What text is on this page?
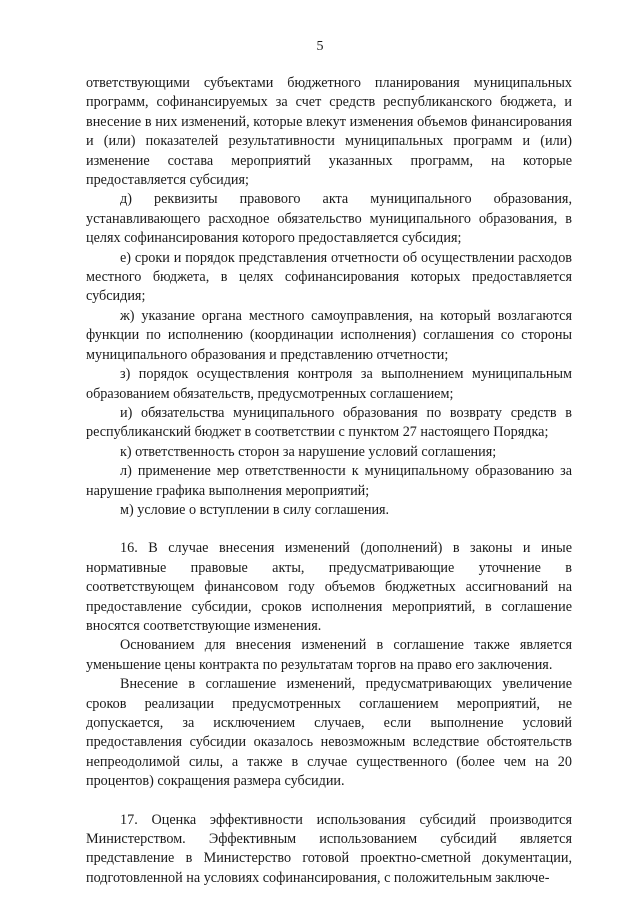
5

ответствующими субъектами бюджетного планирования муниципальных программ, софинансируемых за счет средств республиканского бюджета, и внесение в них изменений, которые влекут изменения объемов финансирования и (или) показателей результативности муниципальных программ и (или) изменение состава мероприятий указанных программ, на которые предоставляется субсидия;

д) реквизиты правового акта муниципального образования, устанавливающего расходное обязательство муниципального образования, в целях софинансирования которого предоставляется субсидия;

е) сроки и порядок представления отчетности об осуществлении расходов местного бюджета, в целях софинансирования которых предоставляется субсидия;

ж) указание органа местного самоуправления, на который возлагаются функции по исполнению (координации исполнения) соглашения со стороны муниципального образования и представлению отчетности;

з) порядок осуществления контроля за выполнением муниципальным образованием обязательств, предусмотренных соглашением;

и) обязательства муниципального образования по возврату средств в республиканский бюджет в соответствии с пунктом 27 настоящего Порядка;

к) ответственность сторон за нарушение условий соглашения;

л) применение мер ответственности к муниципальному образованию за нарушение графика выполнения мероприятий;

м) условие о вступлении в силу соглашения.

16. В случае внесения изменений (дополнений) в законы и иные нормативные правовые акты, предусматривающие уточнение в соответствующем финансовом году объемов бюджетных ассигнований на предоставление субсидии, сроков исполнения мероприятий, в соглашение вносятся соответствующие изменения.

Основанием для внесения изменений в соглашение также является уменьшение цены контракта по результатам торгов на право его заключения.

Внесение в соглашение изменений, предусматривающих увеличение сроков реализации предусмотренных соглашением мероприятий, не допускается, за исключением случаев, если выполнение условий предоставления субсидии оказалось невозможным вследствие обстоятельств непреодолимой силы, а также в случае существенного (более чем на 20 процентов) сокращения размера субсидии.

17. Оценка эффективности использования субсидий производится Министерством. Эффективным использованием субсидий является представление в Министерство готовой проектно-сметной документации, подготовленной на условиях софинансирования, с положительным заключе-
